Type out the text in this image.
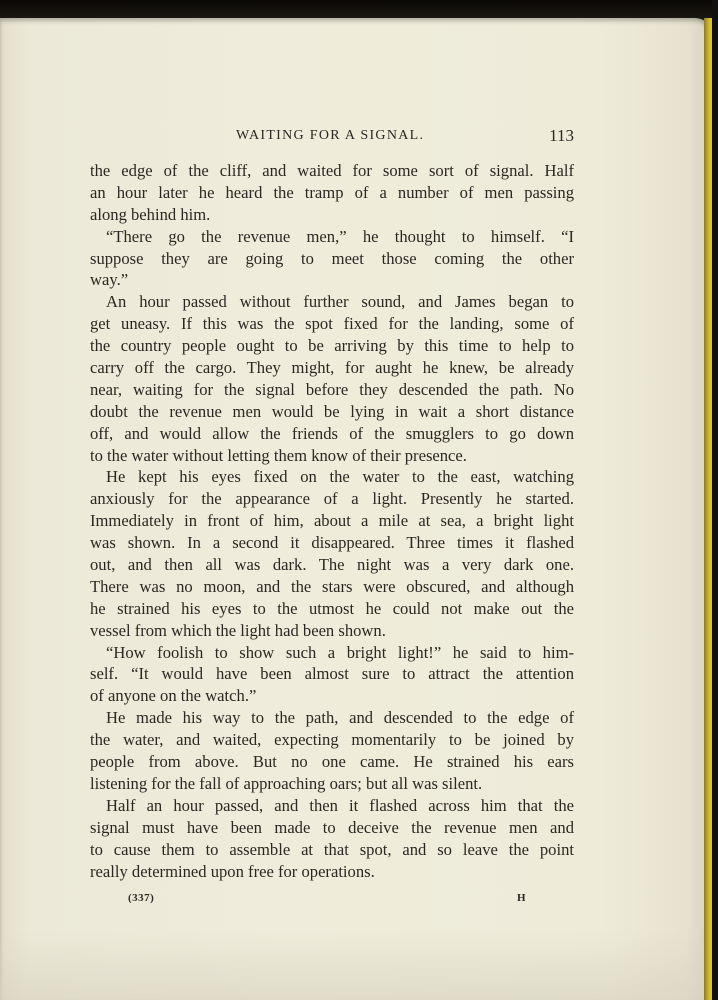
WAITING FOR A SIGNAL.	113
the edge of the cliff, and waited for some sort of signal. Half
an hour later he heard the tramp of a number of men passing
along behind him.
“There go the revenue men,” he thought to himself. “I
suppose they are going to meet those coming the other
way.”
An hour passed without further sound, and James began to
get uneasy. If this was the spot fixed for the landing, some of
the country people ought to be arriving by this time to help to
carry off the cargo. They might, for aught he knew, be already
near, waiting for the signal before they descended the path. No
doubt the revenue men would be lying in wait a short distance
off, and would allow the friends of the smugglers to go down
to the water without letting them know of their presence.
He kept his eyes fixed on the water to the east, watching
anxiously for the appearance of a light. Presently he started.
Immediately in front of him, about a mile at sea, a bright light
was shown. In a second it disappeared. Three times it flashed
out, and then all was dark. The night was a very dark one.
There was no moon, and the stars were obscured, and although
he strained his eyes to the utmost he could not make out the
vessel from which the light had been shown.
“How foolish to show such a bright light!” he said to him-
self. “It would have been almost sure to attract the attention
of anyone on the watch.”
He made his way to the path, and descended to the edge of
the water, and waited, expecting momentarily to be joined by
people from above. But no one came. He strained his ears
listening for the fall of approaching oars; but all was silent.
Half an hour passed, and then it flashed across him that the
signal must have been made to deceive the revenue men and
to cause them to assemble at that spot, and so leave the point
really determined upon free for operations.
(337)	H
